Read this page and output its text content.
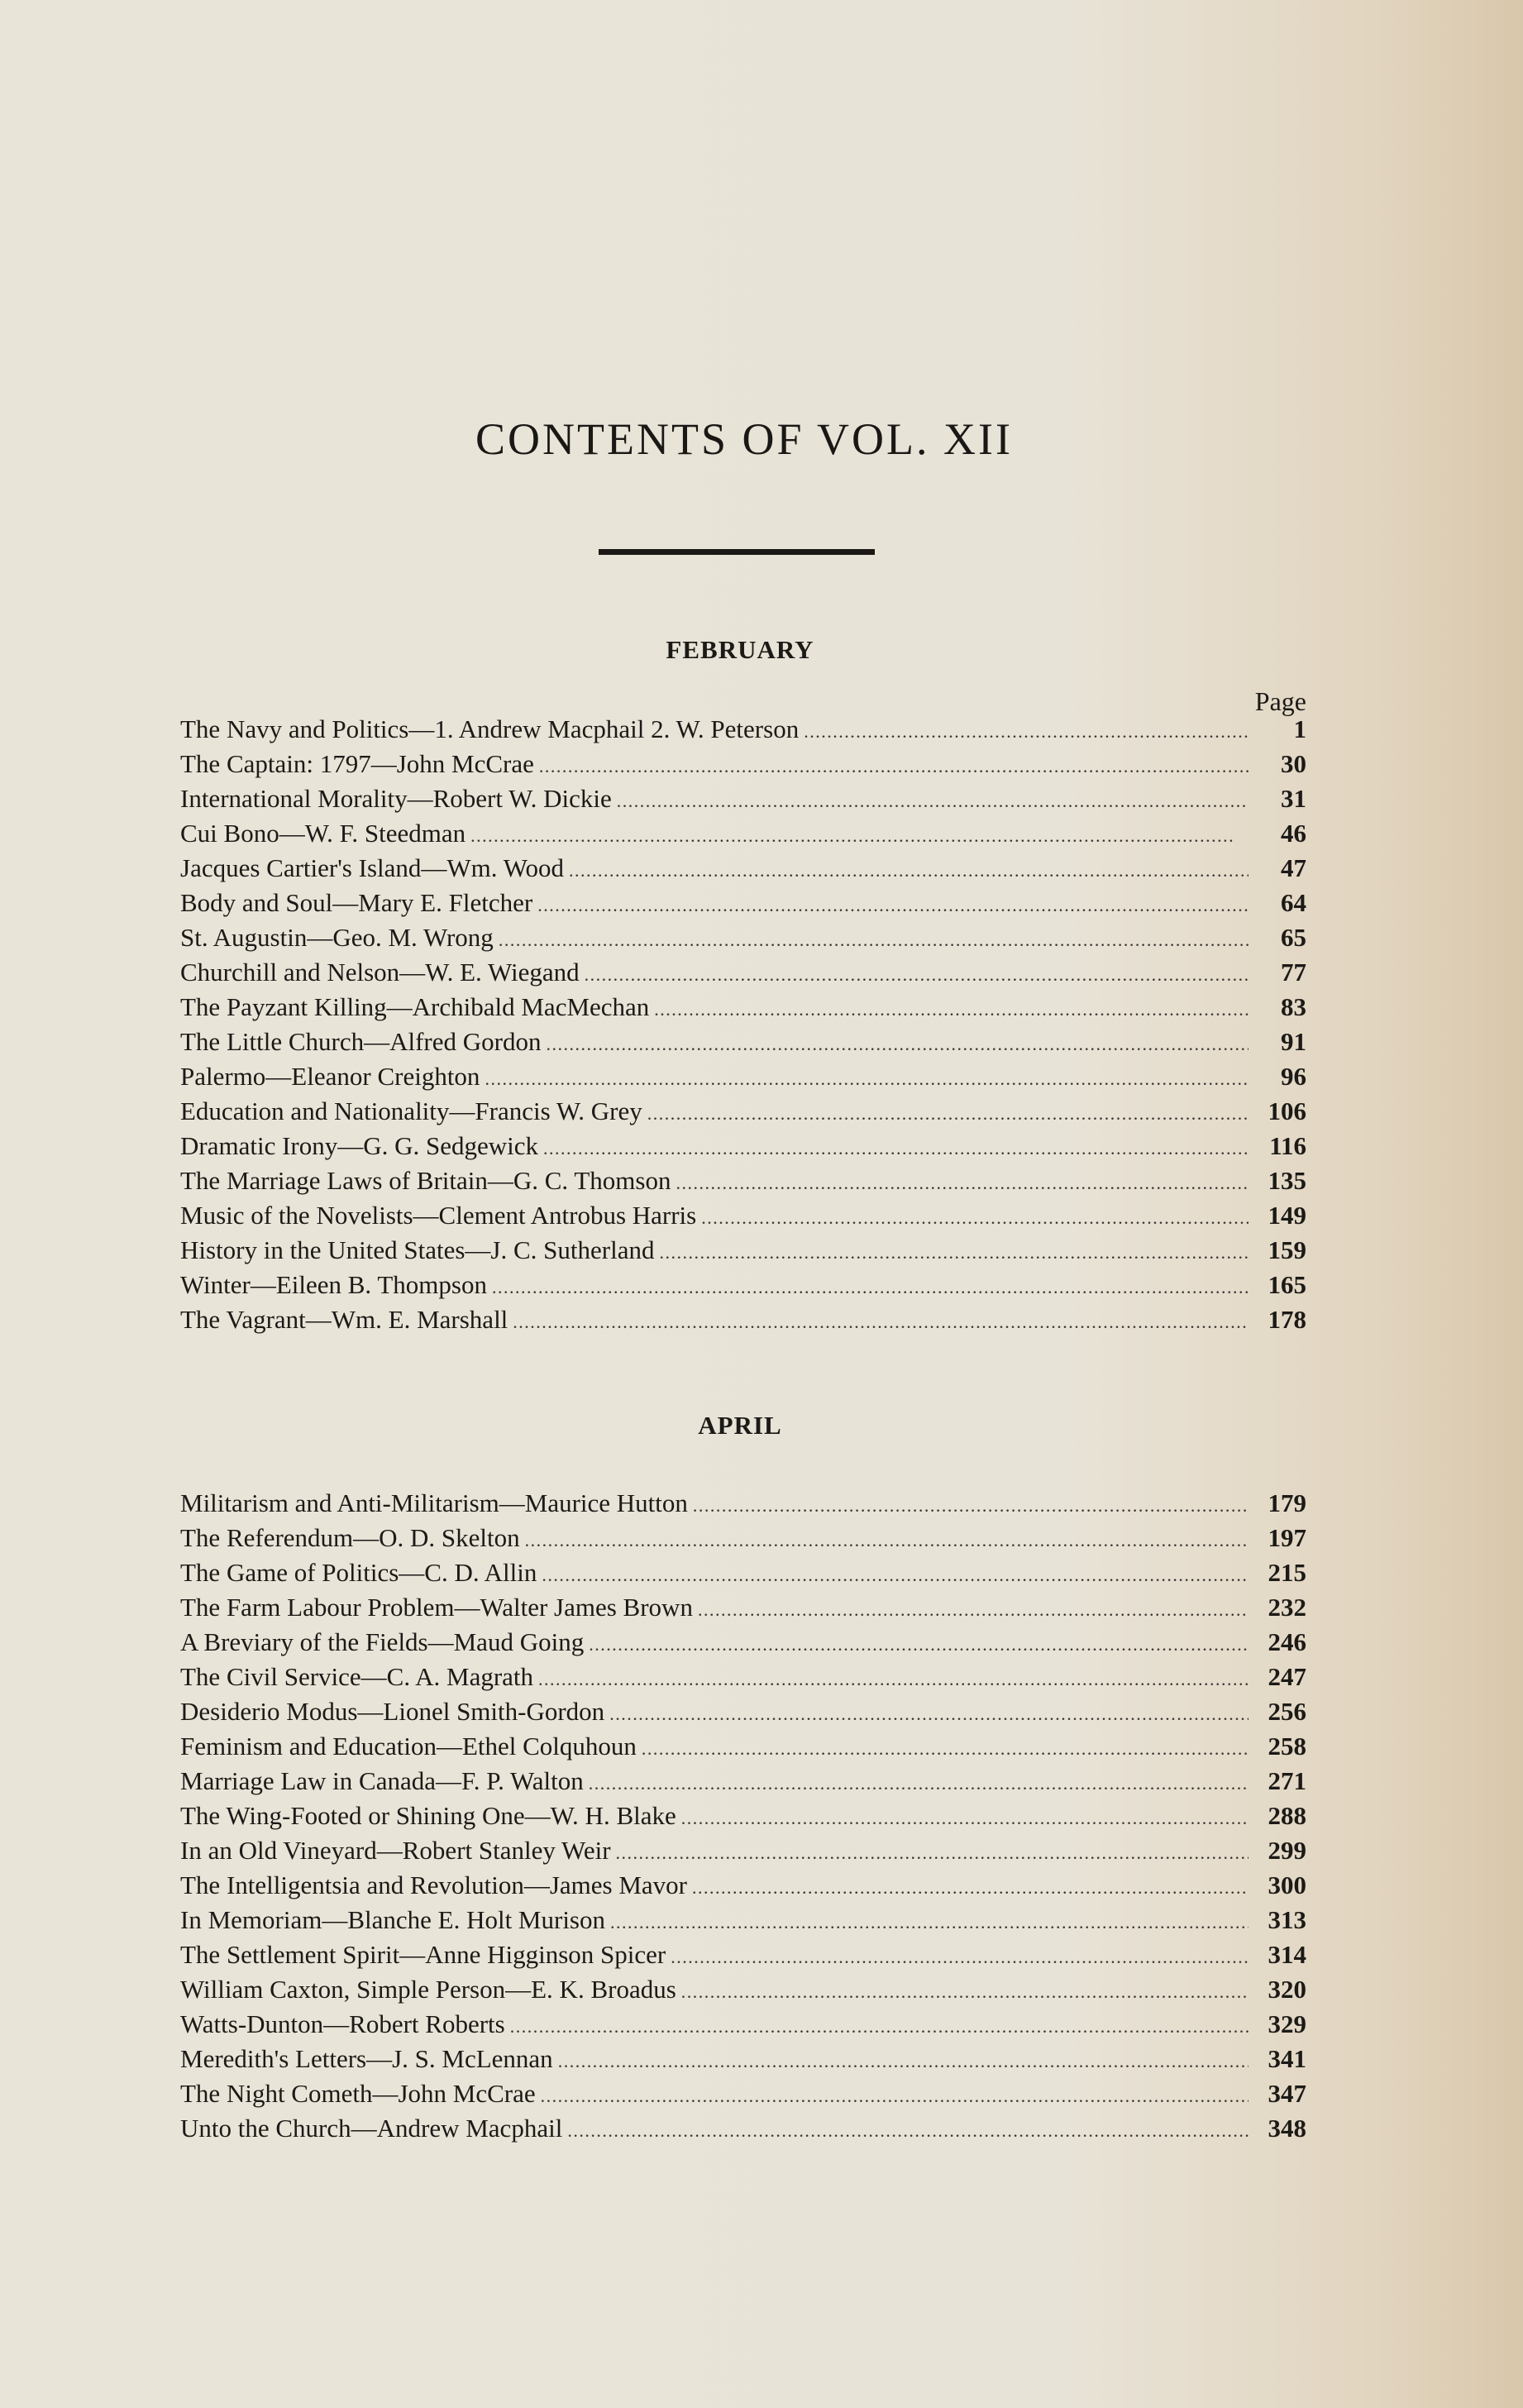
CONTENTS OF VOL. XII
FEBRUARY
Page
The Navy and Politics—1. Andrew Macphail 2. W. Peterson . . .	1
The Captain: 1797—John McCrae . . .	30
International Morality—Robert W. Dickie . . .	31
Cui Bono—W. F. Steedman . . .	46
Jacques Cartier's Island—Wm. Wood . . .	47
Body and Soul—Mary E. Fletcher . . .	64
St. Augustin—Geo. M. Wrong . . .	65
Churchill and Nelson—W. E. Wiegand . . .	77
The Payzant Killing—Archibald MacMechan . . .	83
The Little Church—Alfred Gordon . . .	91
Palermo—Eleanor Creighton . . .	96
Education and Nationality—Francis W. Grey . . .	106
Dramatic Irony—G. G. Sedgewick . . .	116
The Marriage Laws of Britain—G. C. Thomson . . .	135
Music of the Novelists—Clement Antrobus Harris . . .	149
History in the United States—J. C. Sutherland . . .	159
Winter—Eileen B. Thompson . . .	165
The Vagrant—Wm. E. Marshall . . .	178
APRIL
Militarism and Anti-Militarism—Maurice Hutton . . .	179
The Referendum—O. D. Skelton . . .	197
The Game of Politics—C. D. Allin . . .	215
The Farm Labour Problem—Walter James Brown . . .	232
A Breviary of the Fields—Maud Going . . .	246
The Civil Service—C. A. Magrath . . .	247
Desiderio Modus—Lionel Smith-Gordon . . .	256
Feminism and Education—Ethel Colquhoun . . .	258
Marriage Law in Canada—F. P. Walton . . .	271
The Wing-Footed or Shining One—W. H. Blake . . .	288
In an Old Vineyard—Robert Stanley Weir . . .	299
The Intelligentsia and Revolution—James Mavor . . .	300
In Memoriam—Blanche E. Holt Murison . . .	313
The Settlement Spirit—Anne Higginson Spicer . . .	314
William Caxton, Simple Person—E. K. Broadus . . .	320
Watts-Dunton—Robert Roberts . . .	329
Meredith's Letters—J. S. McLennan . . .	341
The Night Cometh—John McCrae . . .	347
Unto the Church—Andrew Macphail . . .	348
